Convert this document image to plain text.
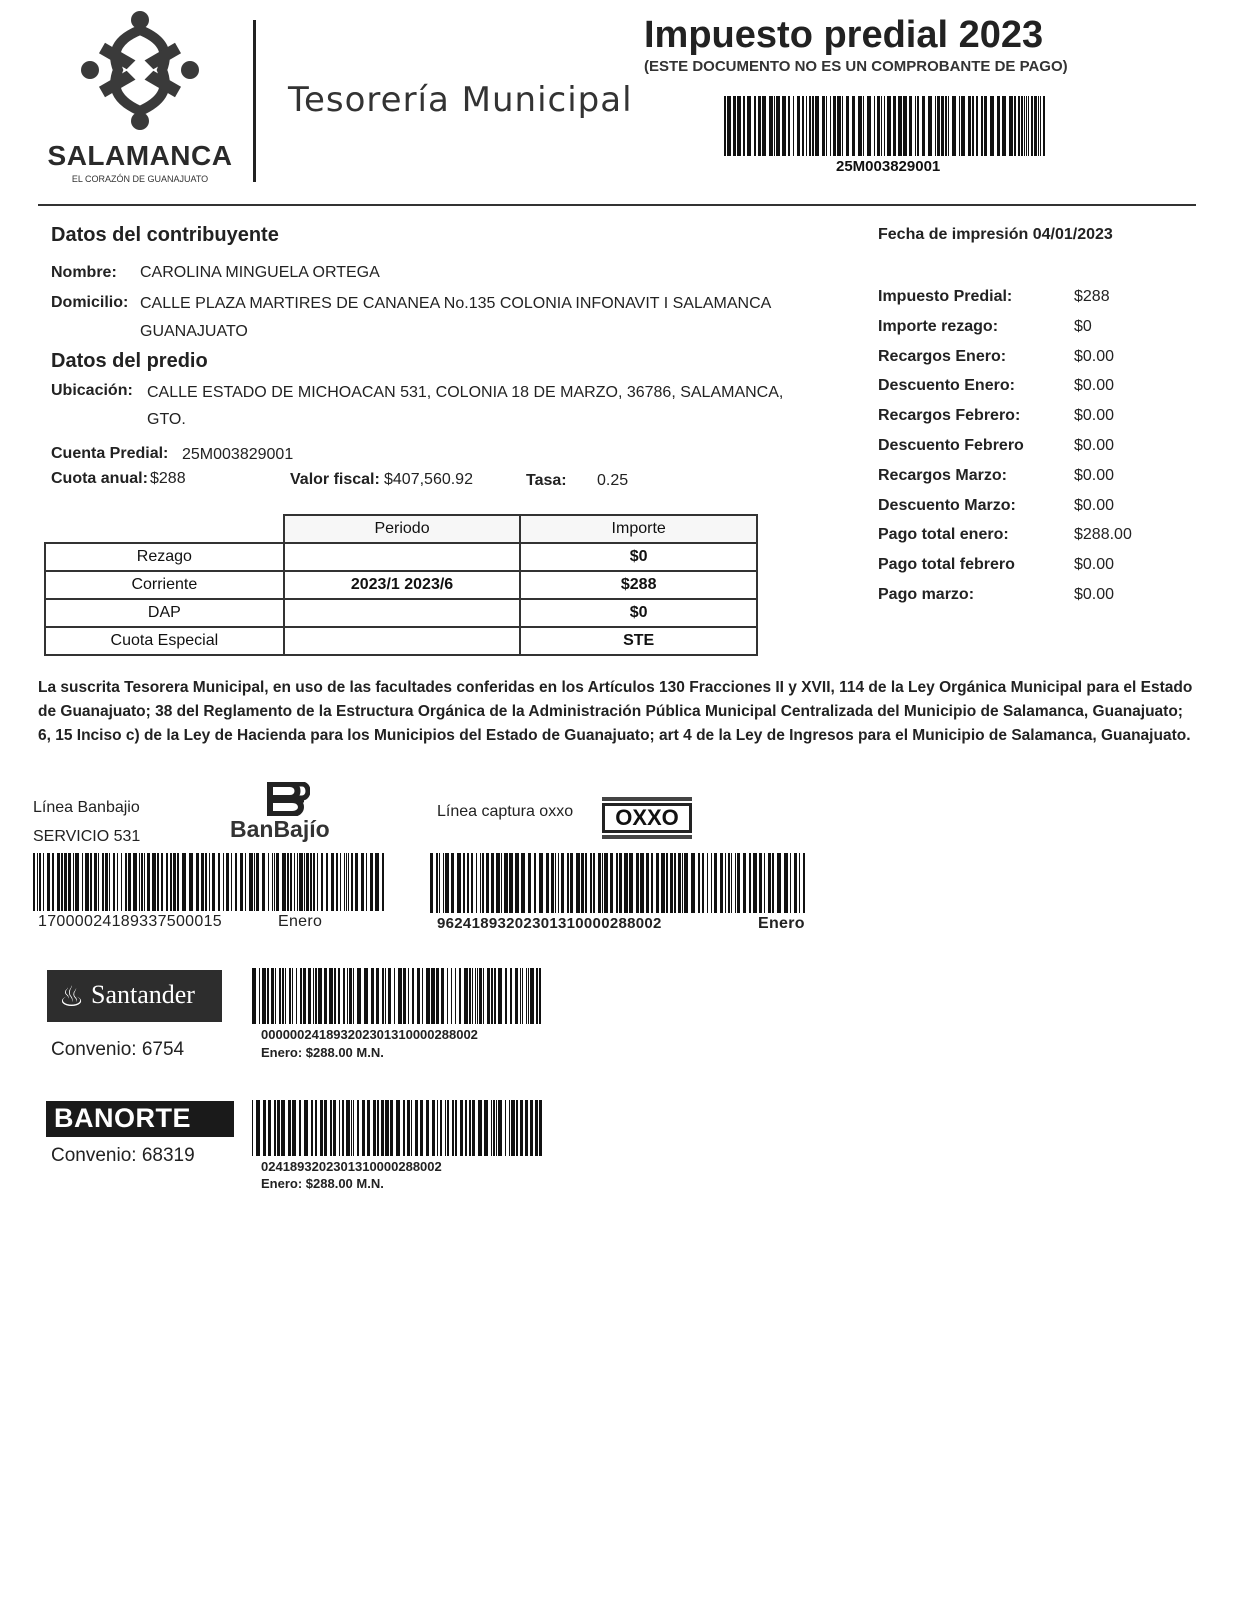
SALAMANCA
EL CORAZÓN DE GUANAJUATO
Tesorería Municipal
Impuesto predial 2023
(ESTE DOCUMENTO NO ES UN COMPROBANTE DE PAGO)
25M003829001
Datos del contribuyente
Nombre: CAROLINA MINGUELA ORTEGA
Domicilio: CALLE PLAZA MARTIRES DE CANANEA No.135 COLONIA INFONAVIT I SALAMANCA
GUANAJUATO
Datos del predio
Ubicación: CALLE ESTADO DE MICHOACAN 531, COLONIA 18 DE MARZO, 36786, SALAMANCA,
GTO.
Cuenta Predial: 25M003829001
Cuota anual: $288	Valor fiscal: $407,560.92	Tasa: 0.25
	Periodo	Importe
Rezago		$0
Corriente	2023/1 2023/6	$288
DAP		$0
Cuota Especial		STE
Fecha de impresión 04/01/2023
Impuesto Predial:	$288
Importe rezago:	$0
Recargos Enero:	$0.00
Descuento Enero:	$0.00
Recargos Febrero:	$0.00
Descuento Febrero	$0.00
Recargos Marzo:	$0.00
Descuento Marzo:	$0.00
Pago total enero:	$288.00
Pago total febrero	$0.00
Pago marzo:	$0.00
La suscrita Tesorera Municipal, en uso de las facultades conferidas en los Artículos 130 Fracciones II y XVII, 114 de la Ley Orgánica Municipal para el Estado de Guanajuato; 38 del Reglamento de la Estructura Orgánica de la Administración Pública Municipal Centralizada del Municipio de Salamanca, Guanajuato; 6, 15 Inciso c) de la Ley de Hacienda para los Municipios del Estado de Guanajuato; art 4 de la Ley de Ingresos para el Municipio de Salamanca, Guanajuato.
Línea Banbajio
SERVICIO 531	BanBajío
17000024189337500015	Enero
Línea captura oxxo	OXXO
9624189320230131000028800​2	Enero
♨ Santander
Convenio: 6754
000000241893202301310000288002
Enero: $288.00 M.N.
BANORTE
Convenio: 68319
024189320230131000028800​2
Enero: $288.00 M.N.
